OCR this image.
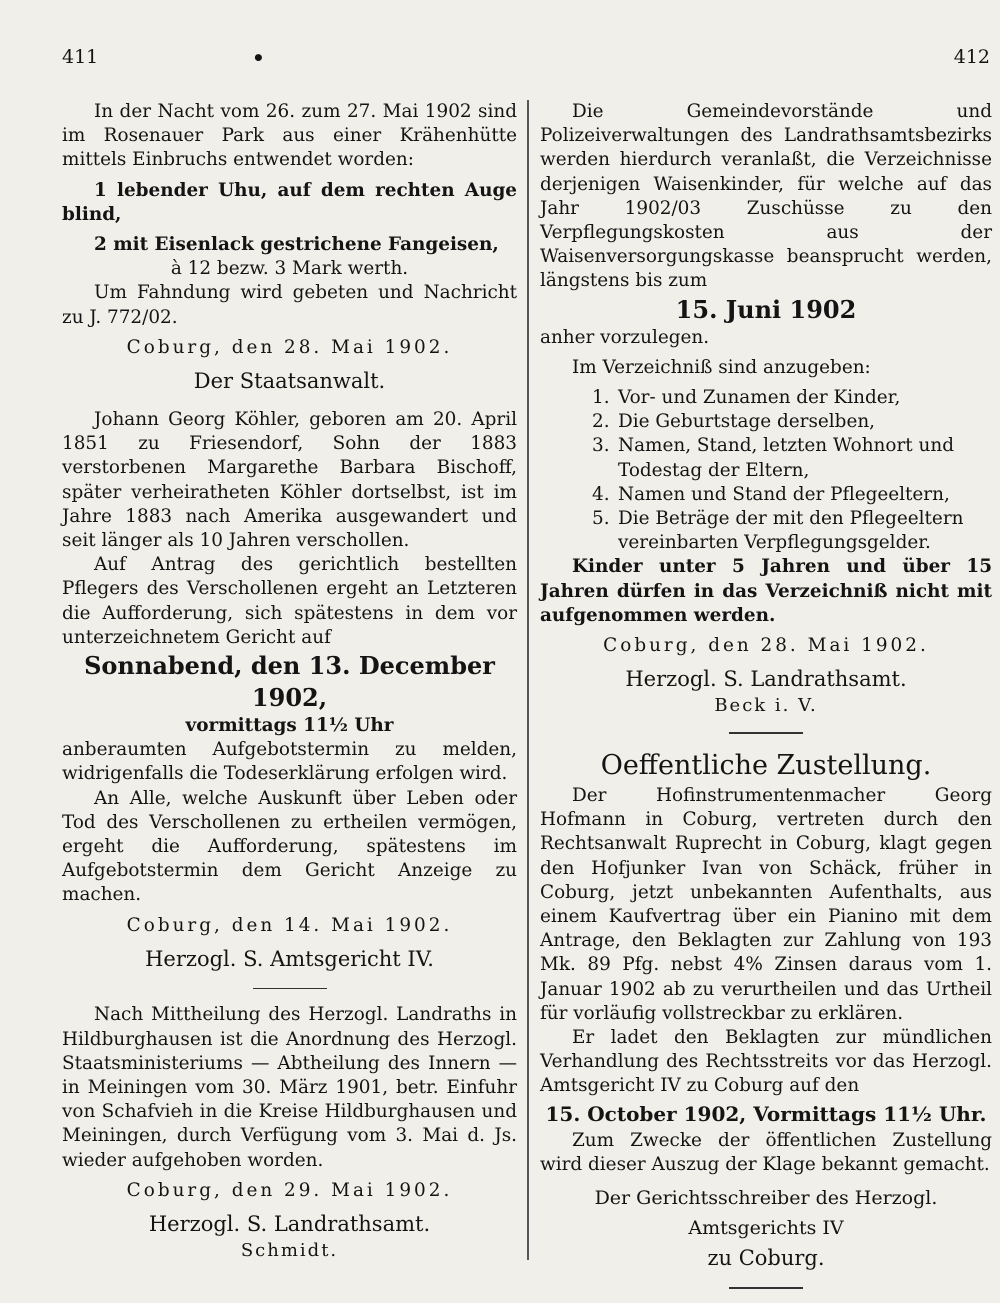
411	•	412

In der Nacht vom 26. zum 27. Mai 1902 sind im Rosenauer Park aus einer Krähenhütte mittels Einbruchs entwendet worden:

1 lebender Uhu, auf dem rechten Auge blind,

2 mit Eisenlack gestrichene Fangeisen,

à 12 bezw. 3 Mark werth.

Um Fahndung wird gebeten und Nachricht zu J. 772/02.

Coburg, den 28. Mai 1902.

Der Staatsanwalt.

Johann Georg Köhler, geboren am 20. April 1851 zu Friesendorf, Sohn der 1883 verstorbenen Margarethe Barbara Bischoff, später verheiratheten Köhler dortselbst, ist im Jahre 1883 nach Amerika ausgewandert und seit länger als 10 Jahren verschollen.

Auf Antrag des gerichtlich bestellten Pflegers des Verschollenen ergeht an Letzteren die Aufforderung, sich spätestens in dem vor unterzeichnetem Gericht auf

Sonnabend, den 13. December 1902,

vormittags 11½ Uhr

anberaumten Aufgebotstermin zu melden, widrigenfalls die Todeserklärung erfolgen wird.

An Alle, welche Auskunft über Leben oder Tod des Verschollenen zu ertheilen vermögen, ergeht die Aufforderung, spätestens im Aufgebotstermin dem Gericht Anzeige zu machen.

Coburg, den 14. Mai 1902.

Herzogl. S. Amtsgericht IV.

Nach Mittheilung des Herzogl. Landraths in Hildburghausen ist die Anordnung des Herzogl. Staatsministeriums — Abtheilung des Innern — in Meiningen vom 30. März 1901, betr. Einfuhr von Schafvieh in die Kreise Hildburghausen und Meiningen, durch Verfügung vom 3. Mai d. Js. wieder aufgehoben worden.

Coburg, den 29. Mai 1902.

Herzogl. S. Landrathsamt.

Schmidt.

Die Gemeindevorstände und Polizeiverwaltungen des Landrathsamtsbezirks werden hierdurch veranlaßt, die Verzeichnisse derjenigen Waisenkinder, für welche auf das Jahr 1902/03 Zuschüsse zu den Verpflegungskosten aus der Waisenversorgungskasse beansprucht werden, längstens bis zum

15. Juni 1902

anher vorzulegen.

Im Verzeichniß sind anzugeben:

1. Vor- und Zunamen der Kinder,
2. Die Geburtstage derselben,
3. Namen, Stand, letzten Wohnort und Todestag der Eltern,
4. Namen und Stand der Pflegeeltern,
5. Die Beträge der mit den Pflegeeltern vereinbarten Verpflegungsgelder.

Kinder unter 5 Jahren und über 15 Jahren dürfen in das Verzeichniß nicht mit aufgenommen werden.

Coburg, den 28. Mai 1902.

Herzogl. S. Landrathsamt.

Beck i. V.

Oeffentliche Zustellung.

Der Hofinstrumentenmacher Georg Hofmann in Coburg, vertreten durch den Rechtsanwalt Ruprecht in Coburg, klagt gegen den Hofjunker Ivan von Schäck, früher in Coburg, jetzt unbekannten Aufenthalts, aus einem Kaufvertrag über ein Pianino mit dem Antrage, den Beklagten zur Zahlung von 193 Mk. 89 Pfg. nebst 4% Zinsen daraus vom 1. Januar 1902 ab zu verurtheilen und das Urtheil für vorläufig vollstreckbar zu erklären.

Er ladet den Beklagten zur mündlichen Verhandlung des Rechtsstreits vor das Herzogl. Amtsgericht IV zu Coburg auf den

15. October 1902, Vormittags 11½ Uhr.

Zum Zwecke der öffentlichen Zustellung wird dieser Auszug der Klage bekannt gemacht.

Der Gerichtsschreiber des Herzogl. Amtsgerichts IV

zu Coburg.
